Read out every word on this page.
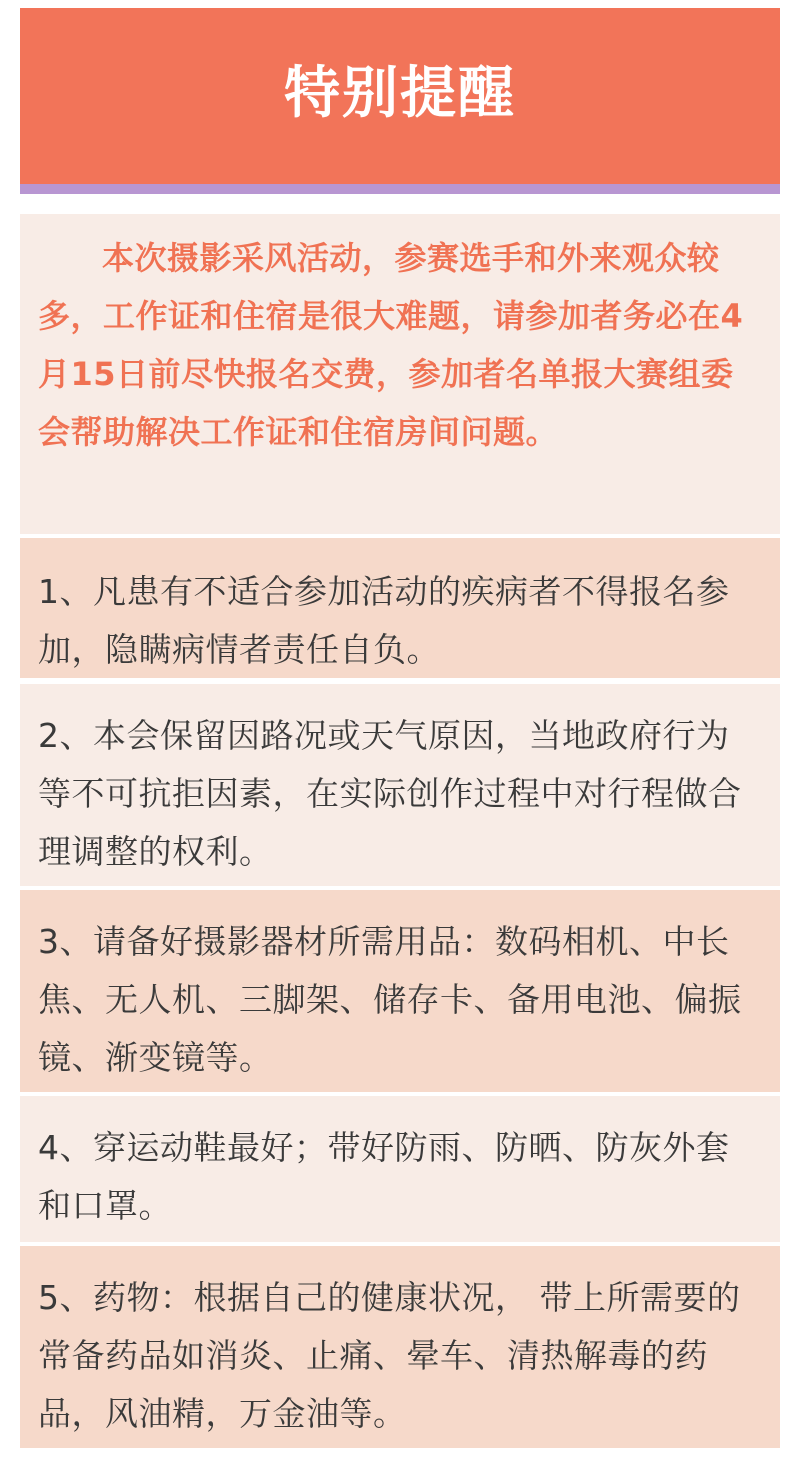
特别提醒
本次摄影采风活动，参赛选手和外来观众较多，工作证和住宿是很大难题，请参加者务必在4月15日前尽快报名交费，参加者名单报大赛组委会帮助解决工作证和住宿房间问题。
1、凡患有不适合参加活动的疾病者不得报名参加，隐瞒病情者责任自负。
2、本会保留因路况或天气原因，当地政府行为等不可抗拒因素，在实际创作过程中对行程做合理调整的权利。
3、请备好摄影器材所需用品：数码相机、中长焦、无人机、三脚架、储存卡、备用电池、偏振镜、渐变镜等。
4、穿运动鞋最好；带好防雨、防晒、防灰外套和口罩。
5、药物：根据自己的健康状况， 带上所需要的常备药品如消炎、止痛、晕车、清热解毒的药品，风油精，万金油等。
